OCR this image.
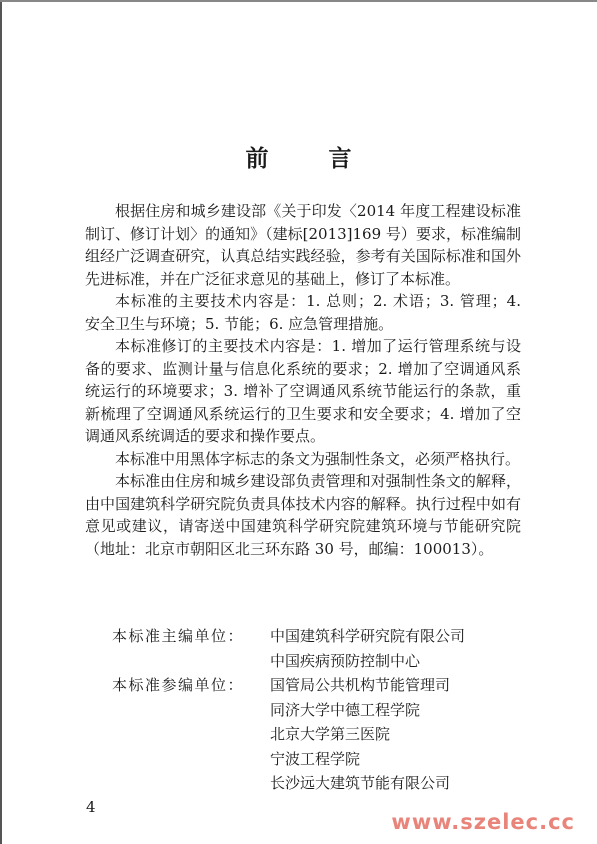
前 言

根据住房和城乡建设部《关于印发〈2014 年度工程建设标准制订、修订计划〉的通知》（建标[2013]169 号）要求，标准编制组经广泛调查研究，认真总结实践经验，参考有关国际标准和国外先进标准，并在广泛征求意见的基础上，修订了本标准。

本标准的主要技术内容是：1. 总则；2. 术语；3. 管理；4. 安全卫生与环境；5. 节能；6. 应急管理措施。

本标准修订的主要技术内容是：1. 增加了运行管理系统与设备的要求、监测计量与信息化系统的要求；2. 增加了空调通风系统运行的环境要求；3. 增补了空调通风系统节能运行的条款，重新梳理了空调通风系统运行的卫生要求和安全要求；4. 增加了空调通风系统调适的要求和操作要点。

本标准中用黑体字标志的条文为强制性条文，必须严格执行。

本标准由住房和城乡建设部负责管理和对强制性条文的解释，由中国建筑科学研究院负责具体技术内容的解释。执行过程中如有意见或建议，请寄送中国建筑科学研究院建筑环境与节能研究院（地址：北京市朝阳区北三环东路 30 号，邮编：100013）。

本标准主编单位：	中国建筑科学研究院有限公司
中国疾病预防控制中心
本标准参编单位：	国管局公共机构节能管理司
同济大学中德工程学院
北京大学第三医院
宁波工程学院
长沙远大建筑节能有限公司
4
www.szelec.cc
